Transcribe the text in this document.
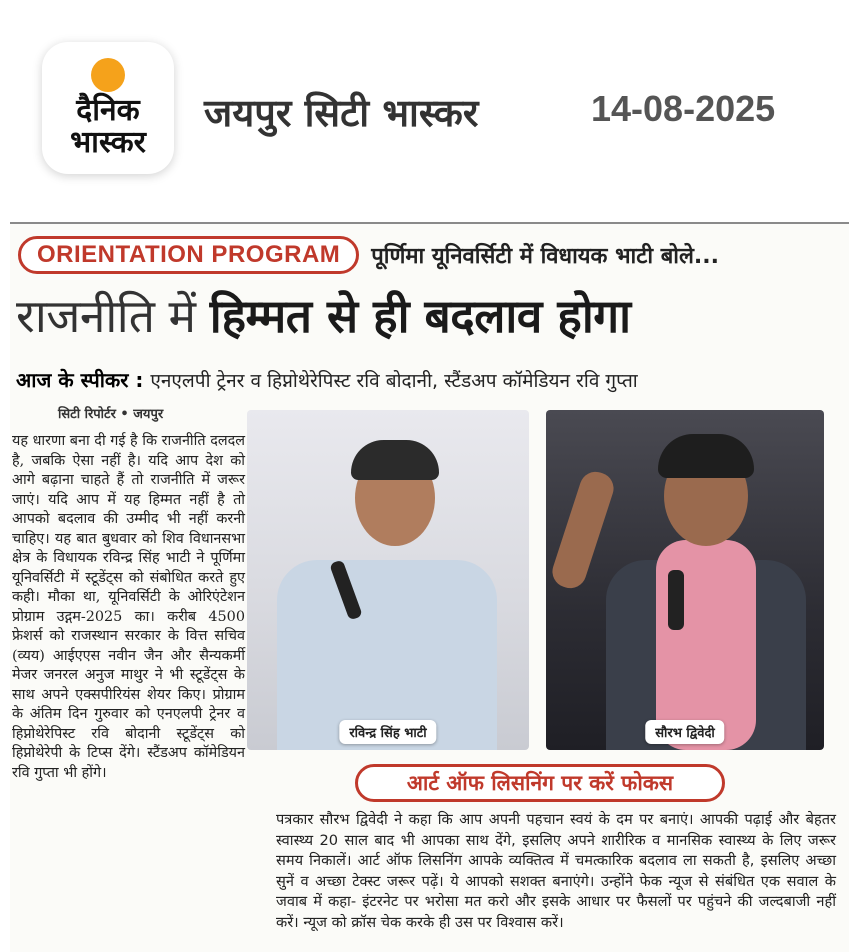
दैनिक
भास्कर
जयपुर सिटी भास्कर	14-08-2025
ORIENTATION PROGRAM	पूर्णिमा यूनिवर्सिटी में विधायक भाटी बोले...
राजनीति में हिम्मत से ही बदलाव होगा
आज के स्पीकर : एनएलपी ट्रेनर व हिप्नोथेरेपिस्ट रवि बोदानी, स्टैंडअप कॉमेडियन रवि गुप्ता
सिटी रिपोर्टर • जयपुर

यह धारणा बना दी गई है कि राजनीति दलदल है, जबकि ऐसा नहीं है। यदि आप देश को आगे बढ़ाना चाहते हैं तो राजनीति में जरूर जाएं। यदि आप में यह हिम्मत नहीं है तो आपको बदलाव की उम्मीद भी नहीं करनी चाहिए। यह बात बुधवार को शिव विधानसभा क्षेत्र के विधायक रविन्द्र सिंह भाटी ने पूर्णिमा यूनिवर्सिटी में स्टूडेंट्स को संबोधित करते हुए कही। मौका था, यूनिवर्सिटी के ओरिएंटेशन प्रोग्राम उद्गम-2025 का। करीब 4500 फ्रेशर्स को राजस्थान सरकार के वित्त सचिव (व्यय) आईएएस नवीन जैन और सैन्यकर्मी मेजर जनरल अनुज माथुर ने भी स्टूडेंट्स के साथ अपने एक्सपीरियंस शेयर किए। प्रोग्राम के अंतिम दिन गुरुवार को एनएलपी ट्रेनर व हिप्नोथेरेपिस्ट रवि बोदानी स्टूडेंट्स को हिप्नोथेरेपी के टिप्स देंगे। स्टैंडअप कॉमेडियन रवि गुप्ता भी होंगे।

रविन्द्र सिंह भाटी	सौरभ द्विवेदी
आर्ट ऑफ लिसनिंग पर करें फोकस

पत्रकार सौरभ द्विवेदी ने कहा कि आप अपनी पहचान स्वयं के दम पर बनाएं। आपकी पढ़ाई और बेहतर स्वास्थ्य 20 साल बाद भी आपका साथ देंगे, इसलिए अपने शारीरिक व मानसिक स्वास्थ्य के लिए जरूर समय निकालें। आर्ट ऑफ लिसनिंग आपके व्यक्तित्व में चमत्कारिक बदलाव ला सकती है, इसलिए अच्छा सुनें व अच्छा टेक्स्ट जरूर पढ़ें। ये आपको सशक्त बनाएंगे। उन्होंने फेक न्यूज से संबंधित एक सवाल के जवाब में कहा- इंटरनेट पर भरोसा मत करो और इसके आधार पर फैसलों पर पहुंचने की जल्दबाजी नहीं करें। न्यूज को क्रॉस चेक करके ही उस पर विश्वास करें।
